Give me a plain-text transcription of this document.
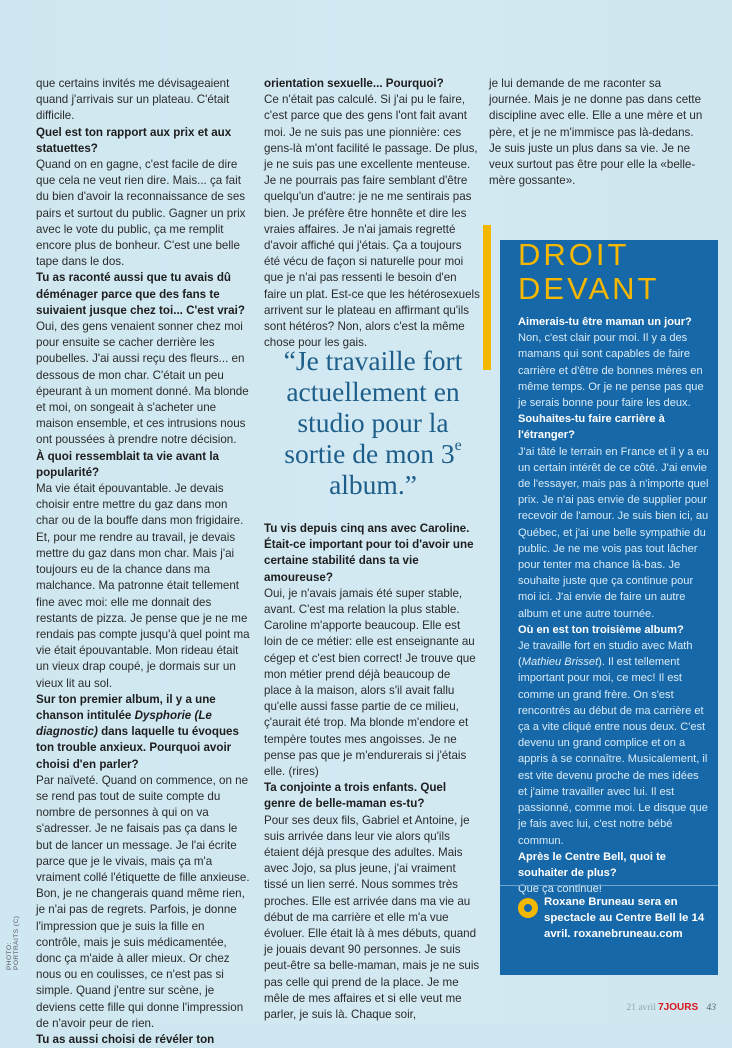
que certains invités me dévisageaient quand j'arrivais sur un plateau. C'était difficile.

Quel est ton rapport aux prix et aux statuettes?

Quand on en gagne, c'est facile de dire que cela ne veut rien dire. Mais... ça fait du bien d'avoir la reconnaissance de ses pairs et surtout du public. Gagner un prix avec le vote du public, ça me remplit encore plus de bonheur. C'est une belle tape dans le dos.

Tu as raconté aussi que tu avais dû déménager parce que des fans te suivaient jusque chez toi... C'est vrai?

Oui, des gens venaient sonner chez moi pour ensuite se cacher derrière les poubelles. J'ai aussi reçu des fleurs... en dessous de mon char. C'était un peu épeurant à un moment donné. Ma blonde et moi, on songeait à s'acheter une maison ensemble, et ces intrusions nous ont poussées à prendre notre décision.

À quoi ressemblait ta vie avant la popularité?

Ma vie était épouvantable. Je devais choisir entre mettre du gaz dans mon char ou de la bouffe dans mon frigidaire. Et, pour me rendre au travail, je devais mettre du gaz dans mon char. Mais j'ai toujours eu de la chance dans ma malchance. Ma patronne était tellement fine avec moi: elle me donnait des restants de pizza. Je pense que je ne me rendais pas compte jusqu'à quel point ma vie était épouvantable. Mon rideau était un vieux drap coupé, je dormais sur un vieux lit au sol.

Sur ton premier album, il y a une chanson intitulée Dysphorie (Le diagnostic) dans laquelle tu évoques ton trouble anxieux. Pourquoi avoir choisi d'en parler?

Par naïveté. Quand on commence, on ne se rend pas tout de suite compte du nombre de personnes à qui on va s'adresser. Je ne faisais pas ça dans le but de lancer un message. Je l'ai écrite parce que je le vivais, mais ça m'a vraiment collé l'étiquette de fille anxieuse. Bon, je ne changerais quand même rien, je n'ai pas de regrets. Parfois, je donne l'impression que je suis la fille en contrôle, mais je suis médicamentée, donc ça m'aide à aller mieux. Or chez nous ou en coulisses, ce n'est pas si simple. Quand j'entre sur scène, je deviens cette fille qui donne l'impression de n'avoir peur de rien.

Tu as aussi choisi de révéler ton

orientation sexuelle... Pourquoi?

Ce n'était pas calculé. Si j'ai pu le faire, c'est parce que des gens l'ont fait avant moi. Je ne suis pas une pionnière: ces gens-là m'ont facilité le passage. De plus, je ne suis pas une excellente menteuse. Je ne pourrais pas faire semblant d'être quelqu'un d'autre: je ne me sentirais pas bien. Je préfère être honnête et dire les vraies affaires. Je n'ai jamais regretté d'avoir affiché qui j'étais. Ça a toujours été vécu de façon si naturelle pour moi que je n'ai pas ressenti le besoin d'en faire un plat. Est-ce que les hétérosexuels arrivent sur le plateau en affirmant qu'ils sont hétéros? Non, alors c'est la même chose pour les gais.

“Je travaille fort actuellement en studio pour la sortie de mon 3e album.”

Tu vis depuis cinq ans avec Caroline. Était-ce important pour toi d'avoir une certaine stabilité dans ta vie amoureuse?

Oui, je n'avais jamais été super stable, avant. C'est ma relation la plus stable. Caroline m'apporte beaucoup. Elle est loin de ce métier: elle est enseignante au cégep et c'est bien correct! Je trouve que mon métier prend déjà beaucoup de place à la maison, alors s'il avait fallu qu'elle aussi fasse partie de ce milieu, ç'aurait été trop. Ma blonde m'endore et tempère toutes mes angoisses. Je ne pense pas que je m'endurerais si j'étais elle. (rires)

Ta conjointe a trois enfants. Quel genre de belle-maman es-tu?

Pour ses deux fils, Gabriel et Antoine, je suis arrivée dans leur vie alors qu'ils étaient déjà presque des adultes. Mais avec Jojo, sa plus jeune, j'ai vraiment tissé un lien serré. Nous sommes très proches. Elle est arrivée dans ma vie au début de ma carrière et elle m'a vue évoluer. Elle était là à mes débuts, quand je jouais devant 90 personnes. Je suis peut-être sa belle-maman, mais je ne suis pas celle qui prend de la place. Je me mêle de mes affaires et si elle veut me parler, je suis là. Chaque soir,

je lui demande de me raconter sa journée. Mais je ne donne pas dans cette discipline avec elle. Elle a une mère et un père, et je ne m'immisce pas là-dedans. Je suis juste un plus dans sa vie. Je ne veux surtout pas être pour elle la «belle-mère gossante».

DROIT
DEVANT

Aimerais-tu être maman un jour?

Non, c'est clair pour moi. Il y a des mamans qui sont capables de faire carrière et d'être de bonnes mères en même temps. Or je ne pense pas que je serais bonne pour faire les deux.

Souhaites-tu faire carrière à l'étranger?

J'ai tâté le terrain en France et il y a eu un certain intérêt de ce côté. J'ai envie de l'essayer, mais pas à n'importe quel prix. Je n'ai pas envie de supplier pour recevoir de l'amour. Je suis bien ici, au Québec, et j'ai une belle sympathie du public. Je ne me vois pas tout lâcher pour tenter ma chance là-bas. Je souhaite juste que ça continue pour moi ici. J'ai envie de faire un autre album et une autre tournée.

Où en est ton troisième album?

Je travaille fort en studio avec Math (Mathieu Brisset). Il est tellement important pour moi, ce mec! Il est comme un grand frère. On s'est rencontrés au début de ma carrière et ça a vite cliqué entre nous deux. C'est devenu un grand complice et on a appris à se connaître. Musicalement, il est vite devenu proche de mes idées et j'aime travailler avec lui. Il est passionné, comme moi. Le disque que je fais avec lui, c'est notre bébé commun.

Après le Centre Bell, quoi te souhaiter de plus?

Que ça continue!

Roxane Bruneau sera en spectacle au Centre Bell le 14 avril. roxanebruneau.com
PHOTO: PORTRAITS (C)
21 avril 7JOURS 43
